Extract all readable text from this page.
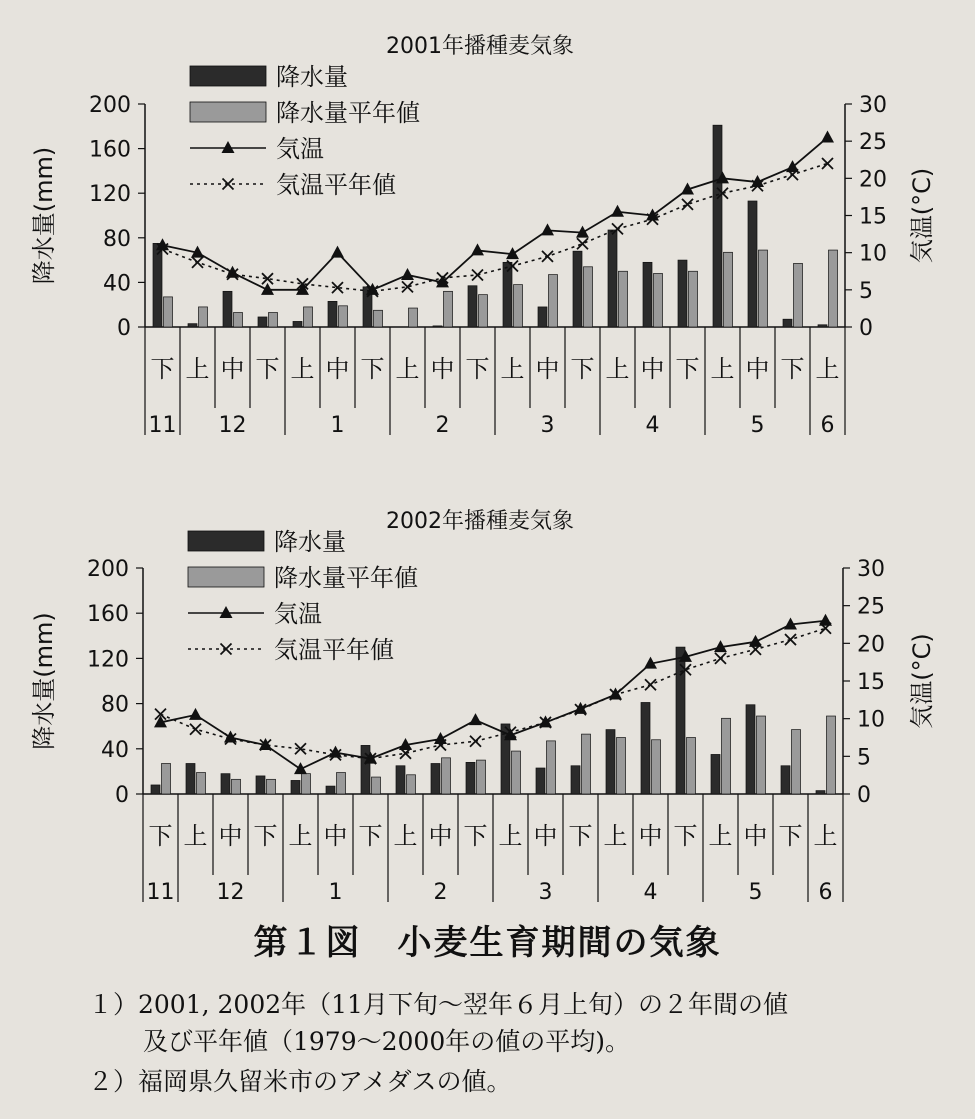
2001年播種麦気象
0
40
80
120
160
200
0
5
10
15
20
25
30
降水量(mm)	気温(°C)
下 上 中 下 上 中 下 上 中 下 上 中 下 上 中 下 上 中 下 上
11 12	1	2	3	4	5	6
降水量
降水量平年値
気温
気温平年値
2002年播種麦気象
0
40
80
120
160
200
0
5
10
15
20
25
30
降水量(mm)	気温(°C)
下 上 中 下 上 中 下 上 中 下 上 中 下 上 中 下 上 中 下 上
11 12	1	2	3	4	5	6
降水量
降水量平年値
気温
気温平年値
第１図　小麦生育期間の気象
１）2001, 2002年（11月下旬～翌年６月上旬）の２年間の値
及び平年値（1979～2000年の値の平均)。
２）福岡県久留米市のアメダスの値。
